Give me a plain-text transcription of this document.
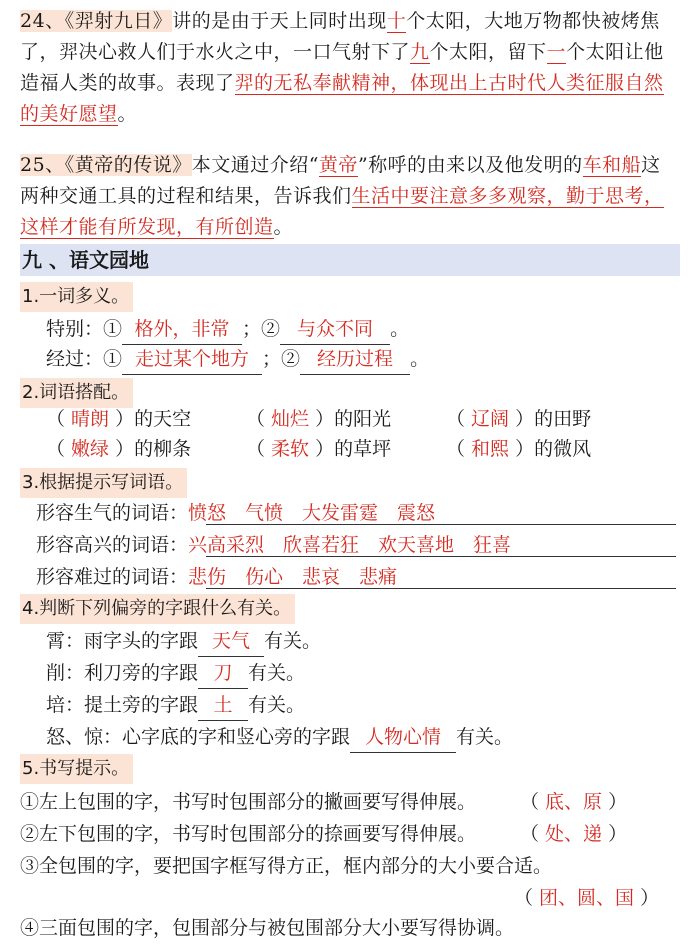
24、《羿射九日》讲的是由于天上同时出现十个太阳，大地万物都快被烤焦了，羿决心救人们于水火之中，一口气射下了九个太阳，留下一个太阳让他造福人类的故事。表现了羿的无私奉献精神，体现出上古时代人类征服自然的美好愿望。
25、《黄帝的传说》本文通过介绍“黄帝”称呼的由来以及他发明的车和船这两种交通工具的过程和结果，告诉我们生活中要注意多多观察，勤于思考，这样才能有所发现，有所创造。
九 、语文园地
1.一词多义。
特别：① 格外，非常 ；② 与众不同 。
经过：① 走过某个地方 ；② 经历过程 。
2.词语搭配。
（ 晴朗 ）的天空	（ 灿烂 ）的阳光	（ 辽阔 ）的田野
（ 嫩绿 ）的柳条	（ 柔软 ）的草坪	（ 和熙 ）的微风
3.根据提示写词语。
形容生气的词语：愤怒　气愤　大发雷霆　震怒
形容高兴的词语：兴高采烈　欣喜若狂　欢天喜地　狂喜
形容难过的词语：悲伤　伤心　悲哀　悲痛
4.判断下列偏旁的字跟什么有关。
霄：雨字头的字跟 天气 有关。
削：利刀旁的字跟 刀 有关。
培：提土旁的字跟 土 有关。
怒、惊：心字底的字和竖心旁的字跟 人物心情 有关。
5.书写提示。
①左上包围的字，书写时包围部分的撇画要写得伸展。 （ 底、原 ）
②左下包围的字，书写时包围部分的捺画要写得伸展。 （ 处、递 ）
③全包围的字，要把国字框写得方正，框内部分的大小要合适。
（ 团、圆、国 ）
④三面包围的字，包围部分与被包围部分大小要写得协调。
